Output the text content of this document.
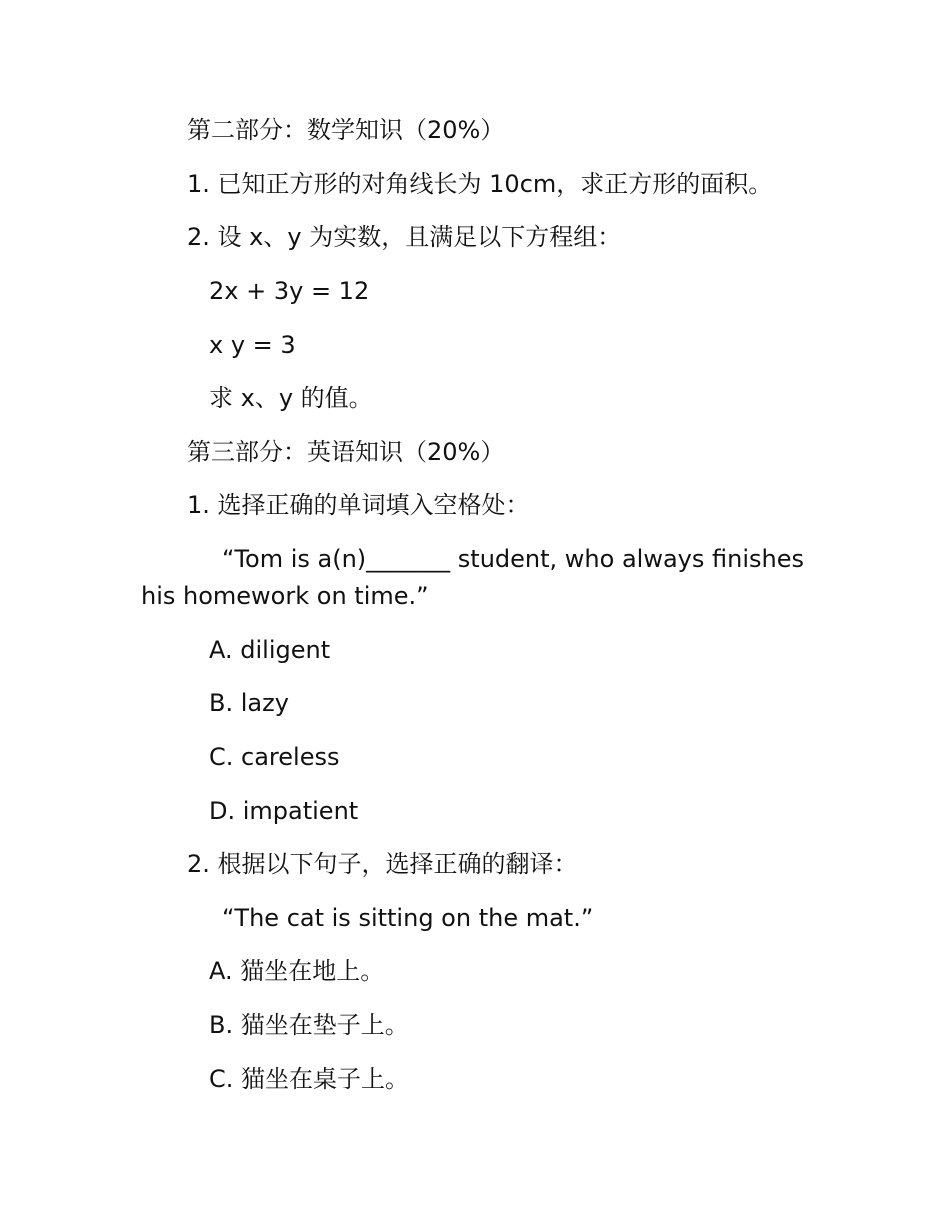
第二部分：数学知识（20%）
1. 已知正方形的对角线长为 10cm，求正方形的面积。
2. 设 x、y 为实数，且满足以下方程组：
2x + 3y = 12
x y = 3
求 x、y 的值。
第三部分：英语知识（20%）
1. 选择正确的单词填入空格处：
“Tom is a(n)_______ student, who always finishes
his homework on time.”
A. diligent
B. lazy
C. careless
D. impatient
2. 根据以下句子，选择正确的翻译：
“The cat is sitting on the mat.”
A. 猫坐在地上。
B. 猫坐在垫子上。
C. 猫坐在桌子上。
